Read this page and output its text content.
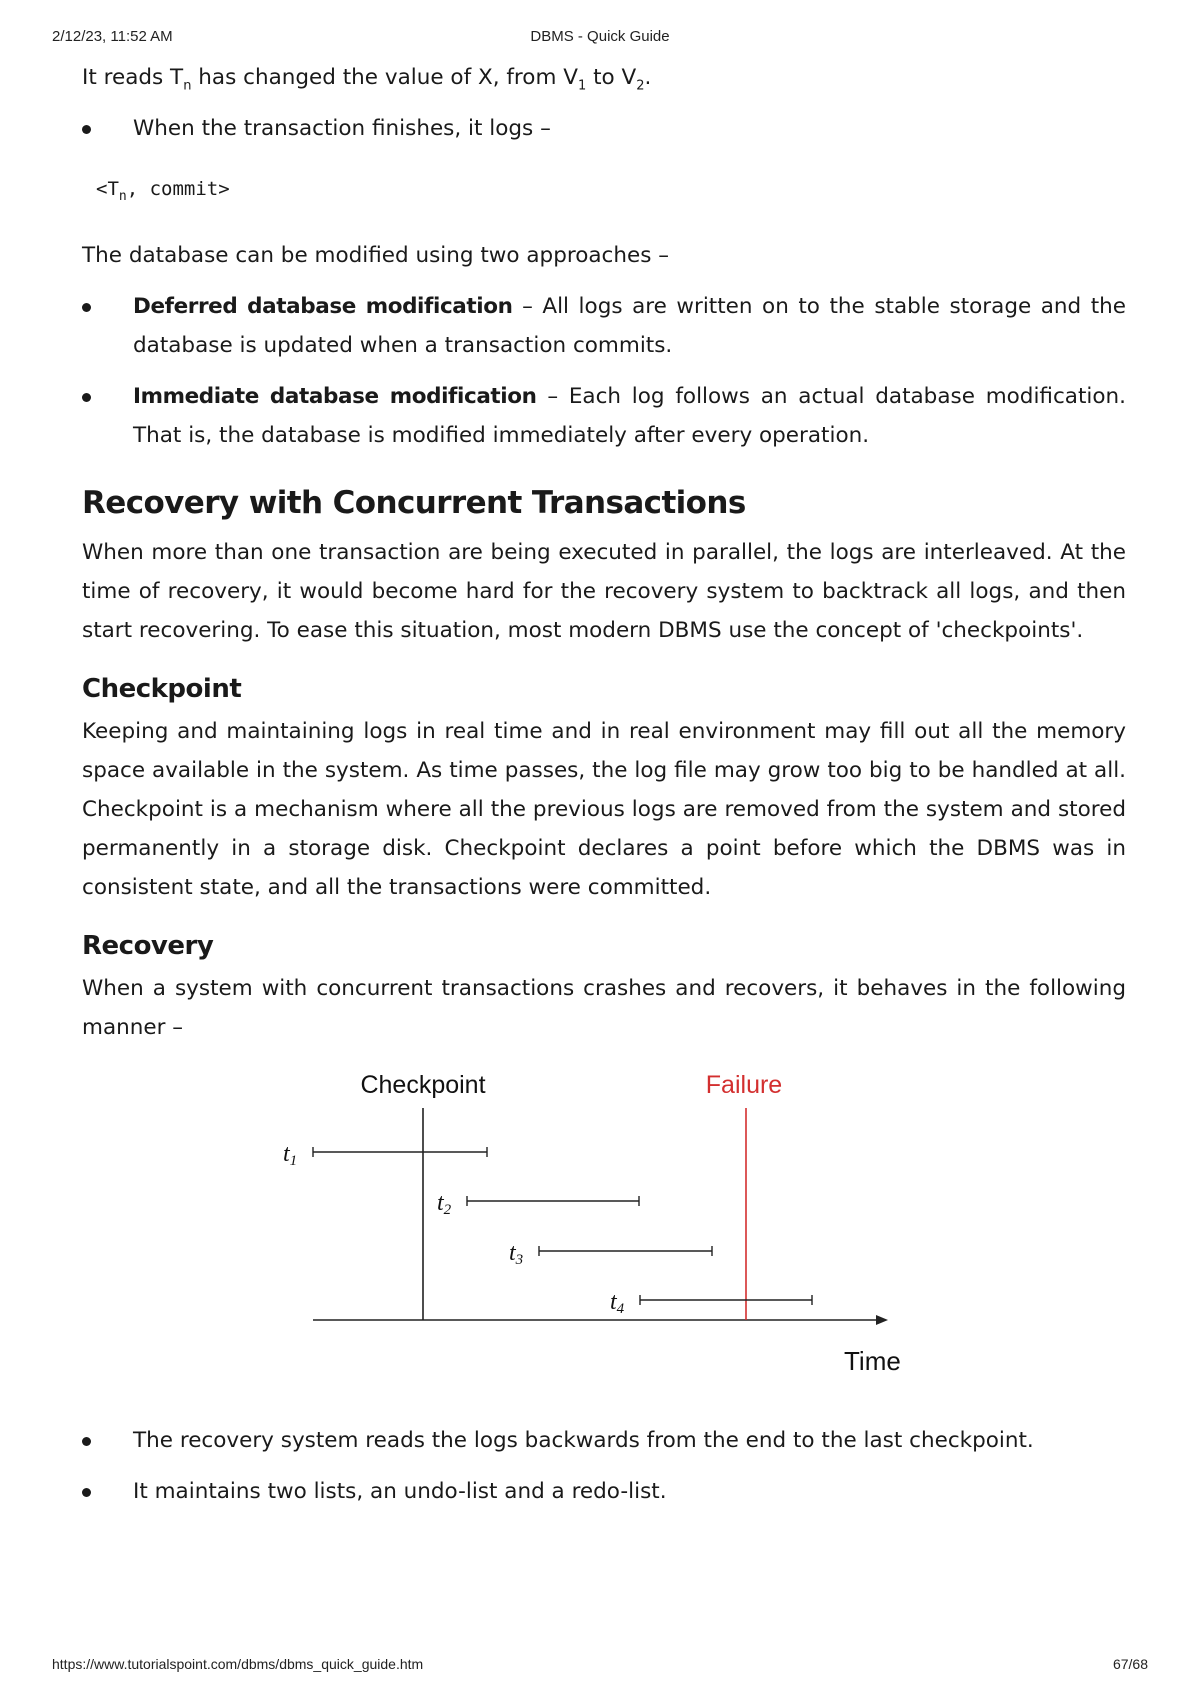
2/12/23, 11:52 AM	DBMS - Quick Guide

It reads $T_n$ has changed the value of X, from $V_1$ to $V_2$.

When the transaction finishes, it logs –
$<T_n$, commit>

The database can be modified using two approaches –

Deferred database modification – All logs are written on to the stable storage and the database is updated when a transaction commits.
Immediate database modification – Each log follows an actual database modification. That is, the database is modified immediately after every operation.
Recovery with Concurrent Transactions

When more than one transaction are being executed in parallel, the logs are interleaved. At the time of recovery, it would become hard for the recovery system to backtrack all logs, and then start recovering. To ease this situation, most modern DBMS use the concept of 'checkpoints'.

Checkpoint

Keeping and maintaining logs in real time and in real environment may fill out all the memory space available in the system. As time passes, the log file may grow too big to be handled at all. Checkpoint is a mechanism where all the previous logs are removed from the system and stored permanently in a storage disk. Checkpoint declares a point before which the DBMS was in consistent state, and all the transactions were committed.

Recovery

When a system with concurrent transactions crashes and recovers, it behaves in the following manner –

Time
Checkpoint	Failure
t1
t2
t3
t4
The recovery system reads the logs backwards from the end to the last checkpoint.
It maintains two lists, an undo-list and a redo-list.
https://www.tutorialspoint.com/dbms/dbms_quick_guide.htm	67/68
